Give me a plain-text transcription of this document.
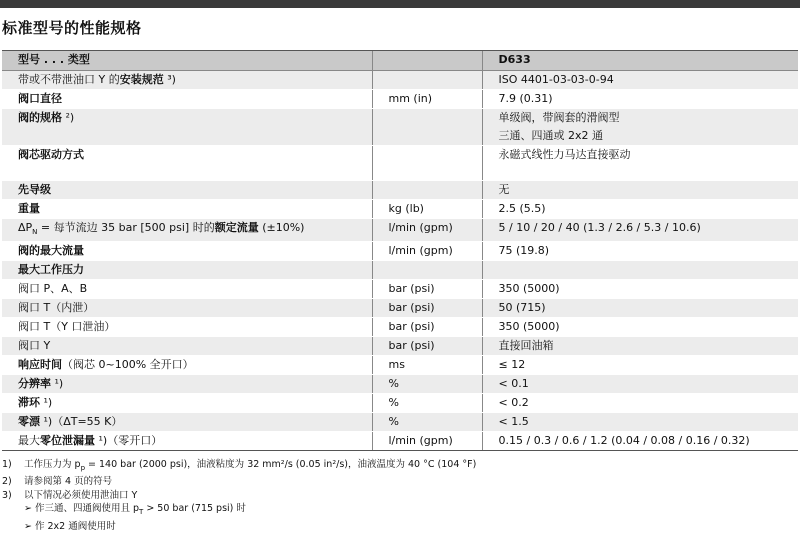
标准型号的性能规格
型号 . . . 类型		D633
带或不带泄油口 Y 的安装规范 ³)		ISO 4401-03-03-0-94
阀口直径	mm (in)	7.9 (0.31)
阀的规格 ²)		单级阀，带阀套的滑阀型
三通、四通或 2x2 通
阀芯驱动方式		永磁式线性力马达直接驱动
先导级		无
重量	kg (lb)	2.5 (5.5)
$\Delta P_N$ = 每节流边 35 bar [500 psi] 时的额定流量 (±10%)	l/min (gpm)	5 / 10 / 20 / 40 (1.3 / 2.6 / 5.3 / 10.6)
阀的最大流量	l/min (gpm)	75 (19.8)
最大工作压力		
阀口 P、A、B	bar (psi)	350 (5000)
阀口 T（内泄）	bar (psi)	50 (715)
阀口 T（Y 口泄油）	bar (psi)	350 (5000)
阀口 Y	bar (psi)	直接回油箱
响应时间（阀芯 0~100% 全开口）	ms	≤ 12
分辨率 ¹)	%	< 0.1
滞环 ¹)	%	< 0.2
零漂 ¹)（ΔT=55 K）	%	< 1.5
最大零位泄漏量 ¹)（零开口）	l/min (gpm)	0.15 / 0.3 / 0.6 / 1.2 (0.04 / 0.08 / 0.16 / 0.32)
1) 工作压力为 $p_p = 140$ bar (2000 psi)，油液粘度为 32 mm²/s (0.05 in²/s)，油液温度为 40 °C (104 °F)
2) 请参阅第 4 页的符号
3) 以下情况必须使用泄油口 Y
➢ 作三通、四通阀使用且 $p_T > 50$ bar (715 psi) 时
➢ 作 2x2 通阀使用时
